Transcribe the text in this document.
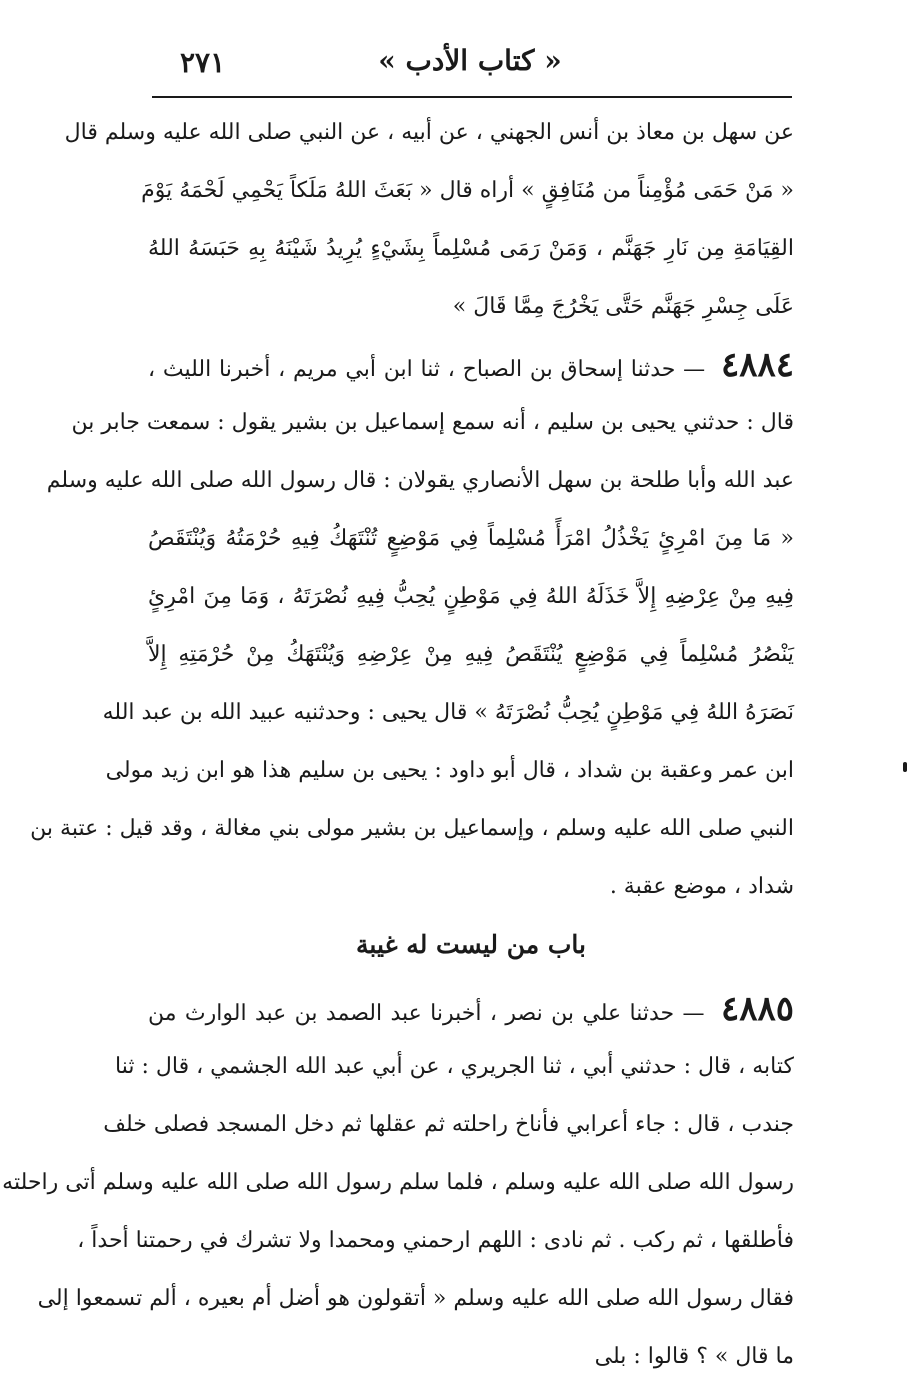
٢٧١	« كتاب الأدب »
عن سهل بن معاذ بن أنس الجهني ، عن أبيه ، عن النبي صلى الله عليه وسلم قال
« مَنْ حَمَى مُؤْمِناً من مُنَافِقٍ » أراه قال « بَعَثَ اللهُ مَلَكاً يَحْمِي لَحْمَهُ يَوْمَ
القِيَامَةِ مِن نَارِ جَهَنَّم ، وَمَنْ رَمَى مُسْلِماً بِشَيْءٍ يُرِيدُ شَيْنَهُ بِهِ حَبَسَهُ اللهُ
عَلَى جِسْرِ جَهَنَّم حَتَّى يَخْرُجَ مِمَّا قَالَ »
٤٨٨٤ — حدثنا إسحاق بن الصباح ، ثنا ابن أبي مريم ، أخبرنا الليث ،
قال : حدثني يحيى بن سليم ، أنه سمع إسماعيل بن بشير يقول : سمعت جابر بن
عبد الله وأبا طلحة بن سهل الأنصاري يقولان : قال رسول الله صلى الله عليه وسلم
« مَا مِنَ امْرِئٍ يَخْذُلُ امْرَأً مُسْلِماً فِي مَوْضِعٍ تُنْتَهَكُ فِيهِ حُرْمَتُهُ وَيُنْتَقَصُ
فِيهِ مِنْ عِرْضِهِ إِلاَّ خَذَلَهُ اللهُ فِي مَوْطِنٍ يُحِبُّ فِيهِ نُصْرَتَهُ ، وَمَا مِنَ امْرِئٍ
يَنْصُرُ مُسْلِماً فِي مَوْضِعٍ يُنْتَقَصُ فِيهِ مِنْ عِرْضِهِ وَيُنْتَهَكُ مِنْ حُرْمَتِهِ إِلاَّ
نَصَرَهُ اللهُ فِي مَوْطِنٍ يُحِبُّ نُصْرَتَهُ » قال يحيى : وحدثنيه عبيد الله بن عبد الله
ابن عمر وعقبة بن شداد ، قال أبو داود : يحيى بن سليم هذا هو ابن زيد مولى
النبي صلى الله عليه وسلم ، وإسماعيل بن بشير مولى بني مغالة ، وقد قيل : عتبة بن
شداد ، موضع عقبة .
باب من ليست له غيبة
٤٨٨٥ — حدثنا علي بن نصر ، أخبرنا عبد الصمد بن عبد الوارث من
كتابه ، قال : حدثني أبي ، ثنا الجريري ، عن أبي عبد الله الجشمي ، قال : ثنا
جندب ، قال : جاء أعرابي فأناخ راحلته ثم عقلها ثم دخل المسجد فصلى خلف
رسول الله صلى الله عليه وسلم ، فلما سلم رسول الله صلى الله عليه وسلم أتى راحلته
فأطلقها ، ثم ركب . ثم نادى : اللهم ارحمني ومحمدا ولا تشرك في رحمتنا أحداً ،
فقال رسول الله صلى الله عليه وسلم « أتقولون هو أضل أم بعيره ، ألم تسمعوا إلى
ما قال » ؟ قالوا : بلى
